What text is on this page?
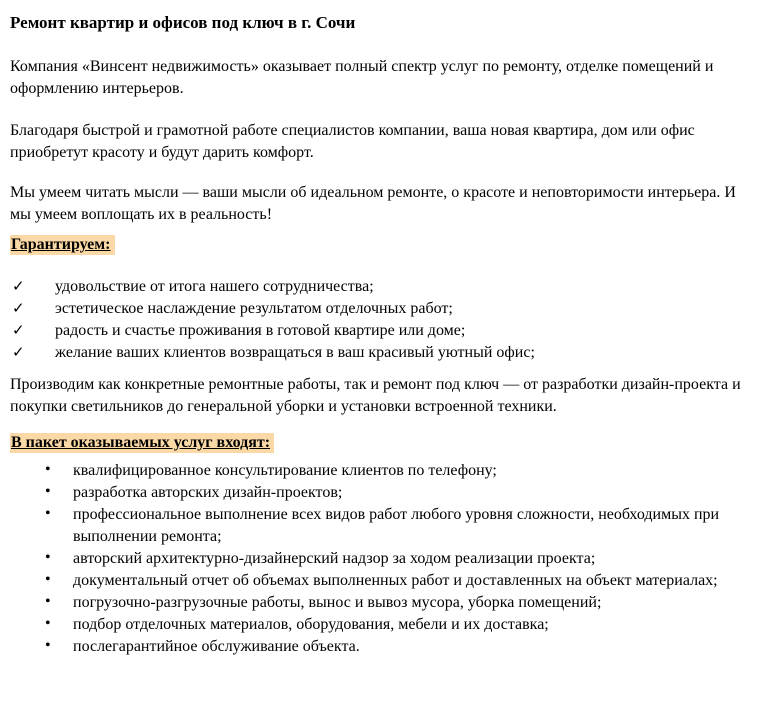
Ремонт квартир и офисов под ключ в г. Сочи

Компания «Винсент недвижимость» оказывает полный спектр услуг по ремонту, отделке помещений и оформлению интерьеров.

Благодаря быстрой и грамотной работе специалистов компании, ваша новая квартира, дом или офис приобретут красоту и будут дарить комфорт.

Мы умеем читать мысли — ваши мысли об идеальном ремонте, о красоте и неповторимости интерьера. И мы умеем воплощать их в реальность!

Гарантируем:

✓ удовольствие от итога нашего сотрудничества;
✓ эстетическое наслаждение результатом отделочных работ;
✓ радость и счастье проживания в готовой квартире или доме;
✓ желание ваших клиентов возвращаться в ваш красивый уютный офис;

Производим как конкретные ремонтные работы, так и ремонт под ключ — от разработки дизайн-проекта и покупки светильников до генеральной уборки и установки встроенной техники.

В пакет оказываемых услуг входят:

• квалифицированное консультирование клиентов по телефону;
• разработка авторских дизайн-проектов;
• профессиональное выполнение всех видов работ любого уровня сложности, необходимых при выполнении ремонта;
• авторский архитектурно-дизайнерский надзор за ходом реализации проекта;
• документальный отчет об объемах выполненных работ и доставленных на объект материалах;
• погрузочно-разгрузочные работы, вынос и вывоз мусора, уборка помещений;
• подбор отделочных материалов, оборудования, мебели и их доставка;
• послегарантийное обслуживание объекта.
